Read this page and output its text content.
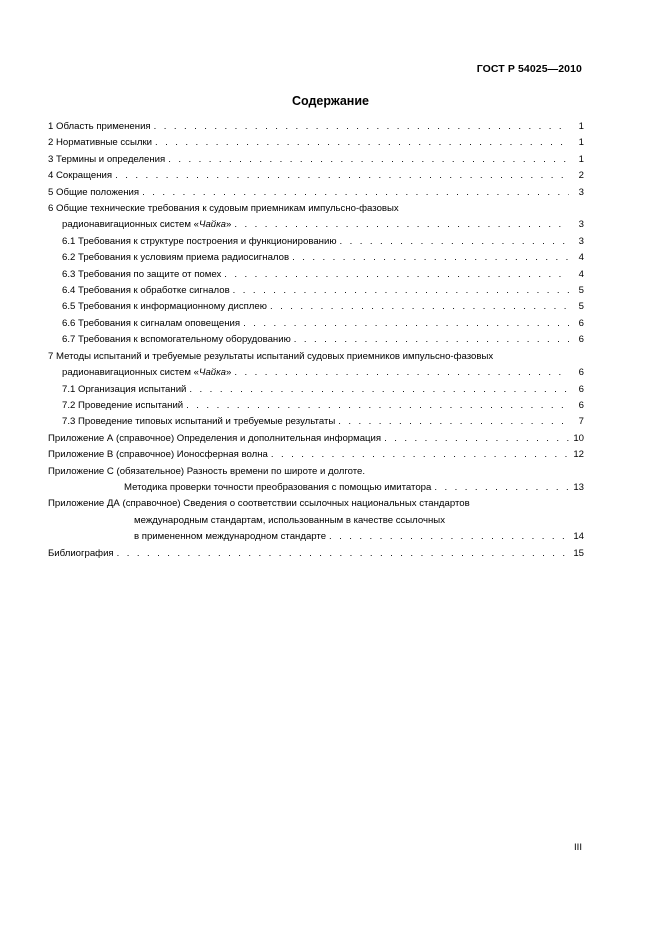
ГОСТ Р 54025—2010
Содержание
1 Область применения . . .	1
2 Нормативные ссылки . . .	1
3 Термины и определения . . .	1
4 Сокращения . . .	2
5 Общие положения . . .	3
6 Общие технические требования к судовым приемникам импульсно-фазовых
радионавигационных систем «Чайка» . . .	3
6.1 Требования к структуре построения и функционированию . . .	3
6.2 Требования к условиям приема радиосигналов . . .	4
6.3 Требования по защите от помех . . .	4
6.4 Требования к обработке сигналов . . .	5
6.5 Требования к информационному дисплею . . .	5
6.6 Требования к сигналам оповещения . . .	6
6.7 Требования к вспомогательному оборудованию . . .	6
7 Методы испытаний и требуемые результаты испытаний судовых приемников импульсно-фазовых
радионавигационных систем «Чайка» . . .	6
7.1 Организация испытаний . . .	6
7.2 Проведение испытаний . . .	6
7.3 Проведение типовых испытаний и требуемые результаты . . .	7
Приложение А (справочное) Определения и дополнительная информация . . .	10
Приложение В (справочное) Ионосферная волна . . .	12
Приложение С (обязательное) Разность времени по широте и долготе.
Методика проверки точности преобразования с помощью имитатора . . .	13
Приложение ДА (справочное) Сведения о соответствии ссылочных национальных стандартов
международным стандартам, использованным в качестве ссылочных
в примененном международном стандарте . . .	14
Библиография . . .	15
III
